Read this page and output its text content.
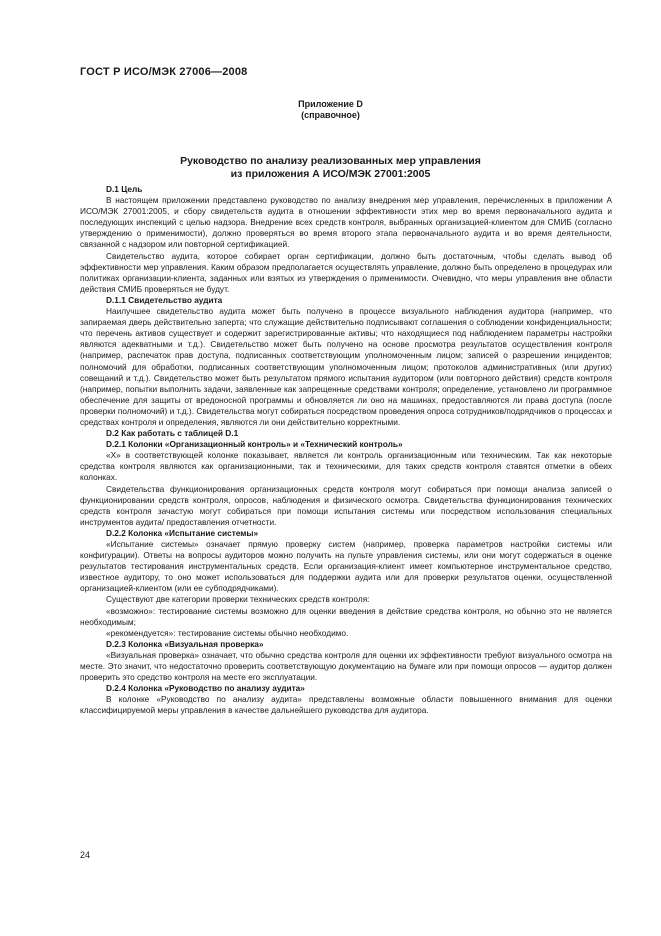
ГОСТ Р ИСО/МЭК 27006—2008
Приложение D
(справочное)
Руководство по анализу реализованных мер управления
из приложения А ИСО/МЭК 27001:2005
D.1 Цель

В настоящем приложении представлено руководство по анализу внедрения мер управления, перечисленных в приложении А ИСО/МЭК 27001:2005, и сбору свидетельств аудита в отношении эффективности этих мер во время первоначального аудита и последующих инспекций с целью надзора. Внедрение всех средств контроля, выбранных организацией-клиентом для СМИБ (согласно утверждению о применимости), должно проверяться во время второго этапа первоначального аудита и во время деятельности, связанной с надзором или повторной сертификацией.

Свидетельство аудита, которое собирает орган сертификации, должно быть достаточным, чтобы сделать вывод об эффективности мер управления. Каким образом предполагается осуществлять управление, должно быть определено в процедурах или политиках организации-клиента, заданных или взятых из утверждения о применимости. Очевидно, что меры управления вне области действия СМИБ проверяться не будут.

D.1.1 Свидетельство аудита

Наилучшее свидетельство аудита может быть получено в процессе визуального наблюдения аудитора (например, что запираемая дверь действительно заперта; что служащие действительно подписывают соглашения о соблюдении конфиденциальности; что перечень активов существует и содержит зарегистрированные активы; что находящиеся под наблюдением параметры настройки являются адекватными и т.д.). Свидетельство может быть получено на основе просмотра результатов осуществления контроля (например, распечаток прав доступа, подписанных соответствующим уполномоченным лицом; записей о разрешении инцидентов; полномочий для обработки, подписанных соответствующим уполномоченным лицом; протоколов административных (или других) совещаний и т.д.). Свидетельство может быть результатом прямого испытания аудитором (или повторного действия) средств контроля (например, попытки выполнить задачи, заявленные как запрещенные средствами контроля; определение, установлено ли программное обеспечение для защиты от вредоносной программы и обновляется ли оно на машинах, предоставляются ли права доступа (после проверки полномочий) и т.д.). Свидетельства могут собираться посредством проведения опроса сотрудников/подрядчиков о процессах и средствах контроля и определения, являются ли они действительно корректными.

D.2 Как работать с таблицей D.1
D.2.1 Колонки «Организационный контроль» и «Технический контроль»

«X» в соответствующей колонке показывает, является ли контроль организационным или техническим. Так как некоторые средства контроля являются как организационными, так и техническими, для таких средств контроля ставятся отметки в обеих колонках.

Свидетельства функционирования организационных средств контроля могут собираться при помощи анализа записей о функционировании средств контроля, опросов, наблюдения и физического осмотра. Свидетельства функционирования технических средств контроля зачастую могут собираться при помощи испытания системы или посредством использования специальных инструментов аудита/ предоставления отчетности.

D.2.2 Колонка «Испытание системы»

«Испытание системы» означает прямую проверку систем (например, проверка параметров настройки системы или конфигурации). Ответы на вопросы аудиторов можно получить на пульте управления системы, или они могут содержаться в оценке результатов тестирования инструментальных средств. Если организация-клиент имеет компьютерное инструментальное средство, известное аудитору, то оно может использоваться для поддержки аудита или для проверки результатов оценки, осуществленной организацией-клиентом (или ее субподрядчиками).

Существуют две категории проверки технических средств контроля:

«возможно»: тестирование системы возможно для оценки введения в действие средства контроля, но обычно это не является необходимым;

«рекомендуется»: тестирование системы обычно необходимо.

D.2.3 Колонка «Визуальная проверка»

«Визуальная проверка» означает, что обычно средства контроля для оценки их эффективности требуют визуального осмотра на месте. Это значит, что недостаточно проверить соответствующую документацию на бумаге или при помощи опросов — аудитор должен проверить это средство контроля на месте его эксплуатации.

D.2.4 Колонка «Руководство по анализу аудита»

В колонке «Руководство по анализу аудита» представлены возможные области повышенного внимания для оценки классифицируемой меры управления в качестве дальнейшего руководства для аудитора.

24
